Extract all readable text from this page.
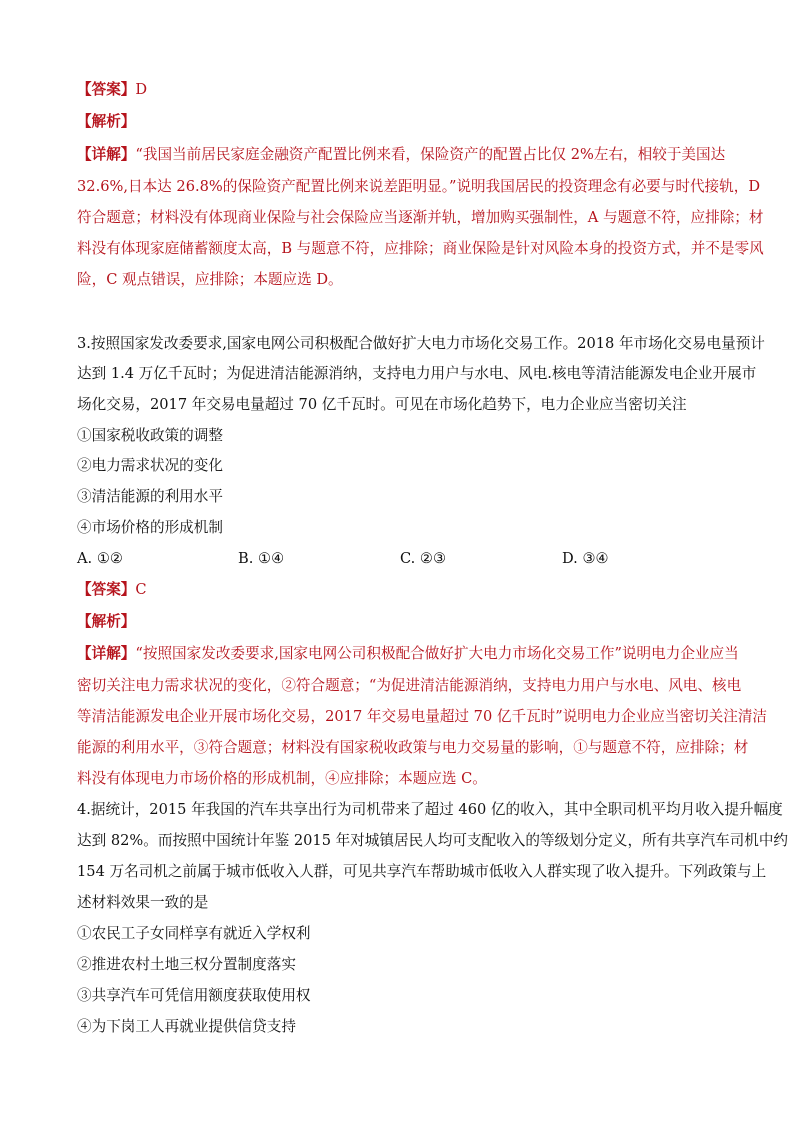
【答案】D
【解析】
【详解】“我国当前居民家庭金融资产配置比例来看，保险资产的配置占比仅 2%左右，相较于美国达
32.6%,日本达 26.8%的保险资产配置比例来说差距明显。”说明我国居民的投资理念有必要与时代接轨，D
符合题意；材料没有体现商业保险与社会保险应当逐渐并轨，增加购买强制性，A 与题意不符，应排除；材
料没有体现家庭储蓄额度太高，B 与题意不符，应排除；商业保险是针对风险本身的投资方式，并不是零风
险，C 观点错误，应排除；本题应选 D。
3.按照国家发改委要求,国家电网公司积极配合做好扩大电力市场化交易工作。2018 年市场化交易电量预计
达到 1.4 万亿千瓦时；为促进清洁能源消纳，支持电力用户与水电、风电.核电等清洁能源发电企业开展市
场化交易，2017 年交易电量超过 70 亿千瓦时。可见在市场化趋势下，电力企业应当密切关注
①国家税收政策的调整
②电力需求状况的变化
③清洁能源的利用水平
④市场价格的形成机制
A. ①②	B. ①④	C. ②③	D. ③④
【答案】C
【解析】
【详解】“按照国家发改委要求,国家电网公司积极配合做好扩大电力市场化交易工作”说明电力企业应当
密切关注电力需求状况的变化，②符合题意；“为促进清洁能源消纳，支持电力用户与水电、风电、核电
等清洁能源发电企业开展市场化交易，2017 年交易电量超过 70 亿千瓦时”说明电力企业应当密切关注清洁
能源的利用水平，③符合题意；材料没有国家税收政策与电力交易量的影响，①与题意不符，应排除；材
料没有体现电力市场价格的形成机制，④应排除；本题应选 C。
4.据统计，2015 年我国的汽车共享出行为司机带来了超过 460 亿的收入，其中全职司机平均月收入提升幅度
达到 82%。而按照中国统计年鉴 2015 年对城镇居民人均可支配收入的等级划分定义，所有共享汽车司机中约
154 万名司机之前属于城市低收入人群，可见共享汽车帮助城市低收入人群实现了收入提升。下列政策与上
述材料效果一致的是
①农民工子女同样享有就近入学权利
②推进农村土地三权分置制度落实
③共享汽车可凭信用额度获取使用权
④为下岗工人再就业提供信贷支持
